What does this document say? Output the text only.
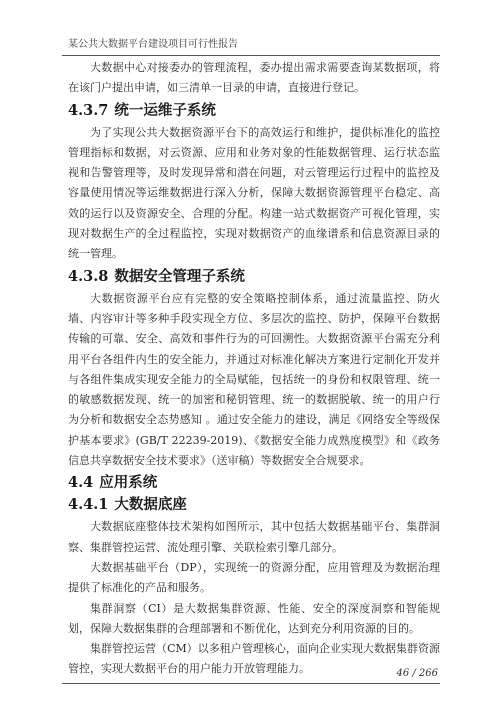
某公共大数据平台建设项目可行性报告

大数据中心对接委办的管理流程，委办提出需求需要查询某数据项，将在该门户提出申请，如三清单一目录的申请，直接进行登记。

4.3.7 统一运维子系统

为了实现公共大数据资源平台下的高效运行和维护，提供标准化的监控管理指标和数据，对云资源、应用和业务对象的性能数据管理、运行状态监视和告警管理等，及时发现异常和潜在问题，对云管理运行过程中的监控及容量使用情况等运维数据进行深入分析，保障大数据资源管理平台稳定、高效的运行以及资源安全、合理的分配。构建一站式数据资产可视化管理，实现对数据生产的全过程监控，实现对数据资产的血缘谱系和信息资源目录的统一管理。

4.3.8 数据安全管理子系统

大数据资源平台应有完整的安全策略控制体系，通过流量监控、防火墙、内容审计等多种手段实现全方位、多层次的监控、防护，保障平台数据传输的可靠、安全、高效和事件行为的可回溯性。大数据资源平台需充分利用平台各组件内生的安全能力，并通过对标准化解决方案进行定制化开发并与各组件集成实现安全能力的全局赋能，包括统一的身份和权限管理、统一的敏感数据发现、统一的加密和秘钥管理、统一的数据脱敏、统一的用户行为分析和数据安全态势感知 。通过安全能力的建设，满足《网络安全等级保护基本要求》(GB/T 22239-2019)、《数据安全能力成熟度模型》和《政务信息共享数据安全技术要求》（送审稿）等数据安全合规要求。

4.4 应用系统
4.4.1 大数据底座

大数据底座整体技术架构如图所示，其中包括大数据基础平台、集群洞察、集群管控运营、流处理引擎、关联检索引擎几部分。

大数据基础平台（DP），实现统一的资源分配，应用管理及为数据治理提供了标准化的产品和服务。

集群洞察（CI）是大数据集群资源、性能、安全的深度洞察和智能规划，保障大数据集群的合理部署和不断优化，达到充分利用资源的目的。

集群管控运营（CM）以多租户管理核心，面向企业实现大数据集群资源管控，实现大数据平台的用户能力开放管理能力。	46 / 266
